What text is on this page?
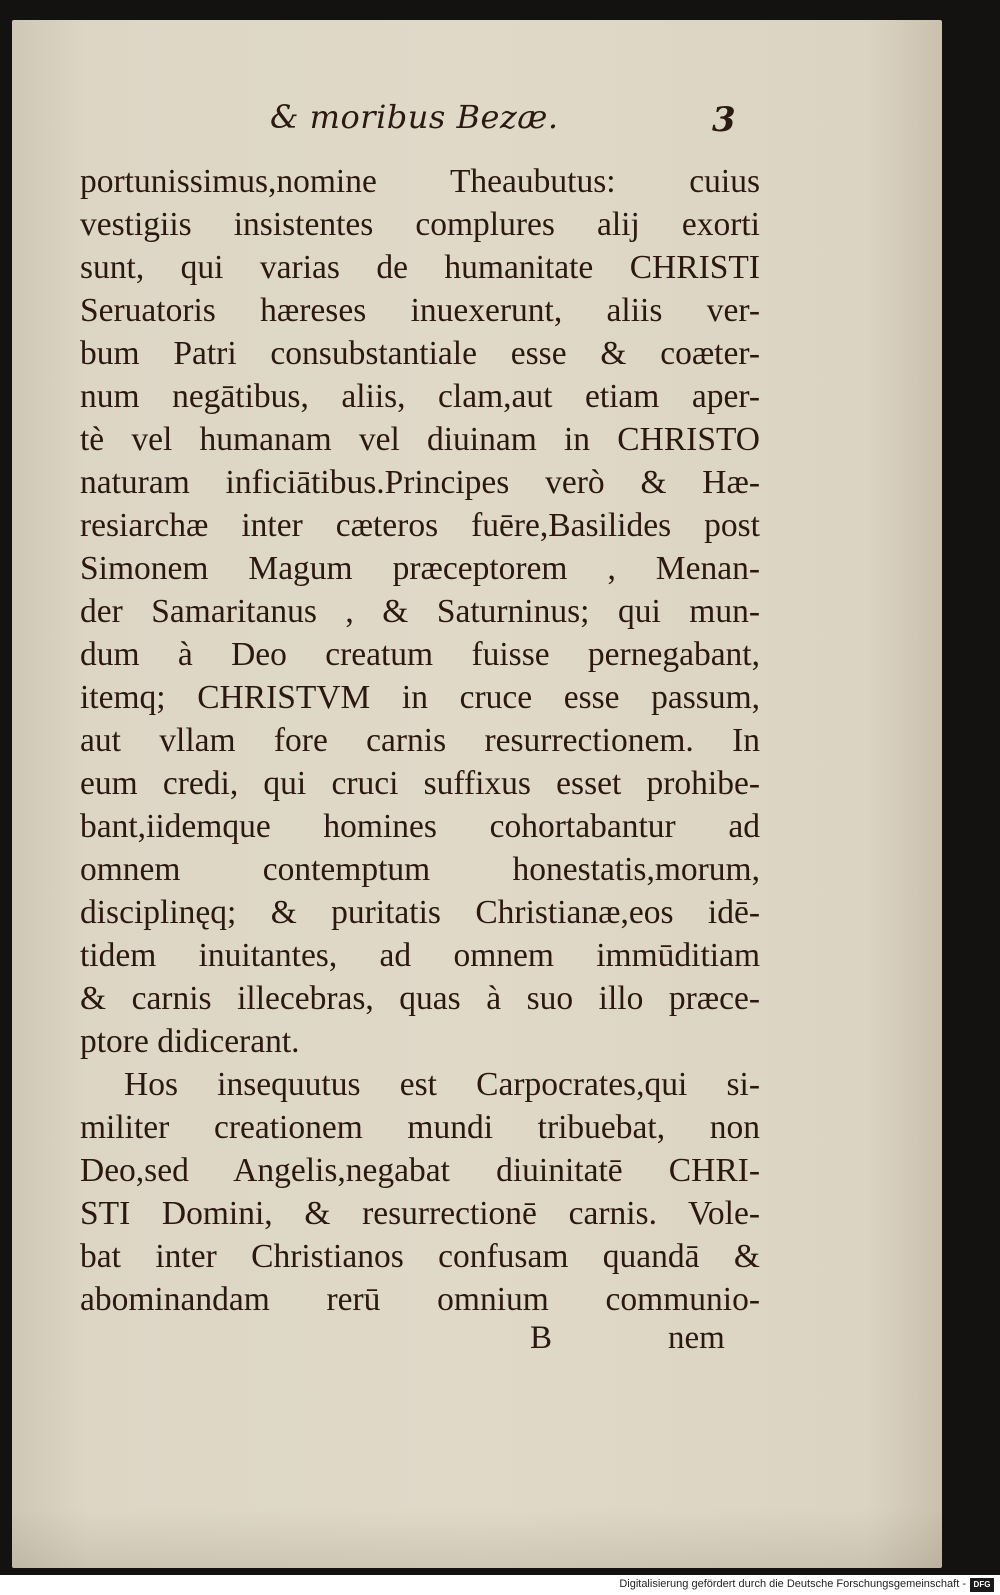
& moribus Bezæ.	3
portunissimus,nomine Theaubutus: cuius
vestigiis insistentes complures alij exorti
sunt, qui varias de humanitate CHRISTI
Seruatoris hæreses inuexerunt, aliis ver-
bum Patri consubstantiale esse & coæter-
num negātibus, aliis, clam,aut etiam aper-
tè vel humanam vel diuinam in CHRISTO
naturam inficiātibus.Principes verò & Hæ-
resiarchæ inter cæteros fuēre,Basilides post
Simonem Magum præceptorem , Menan-
der Samaritanus , & Saturninus; qui mun-
dum à Deo creatum fuisse pernegabant,
itemq; CHRISTVM in cruce esse passum,
aut vllam fore carnis resurrectionem. In
eum credi, qui cruci suffixus esset prohibe-
bant,iidemque homines cohortabantur ad
omnem contemptum honestatis,morum,
disciplinęq; & puritatis Christianæ,eos idē-
tidem inuitantes, ad omnem immūditiam
& carnis illecebras, quas à suo illo præce-
ptore didicerant.
Hos insequutus est Carpocrates,qui si-
militer creationem mundi tribuebat, non
Deo,sed Angelis,negabat diuinitatē CHRI-
STI Domini, & resurrectionē carnis. Vole-
bat inter Christianos confusam quandā &
abominandam rerū omnium communio-
B	nem
Digitalisierung gefördert durch die Deutsche Forschungsgemeinschaft - DFG
